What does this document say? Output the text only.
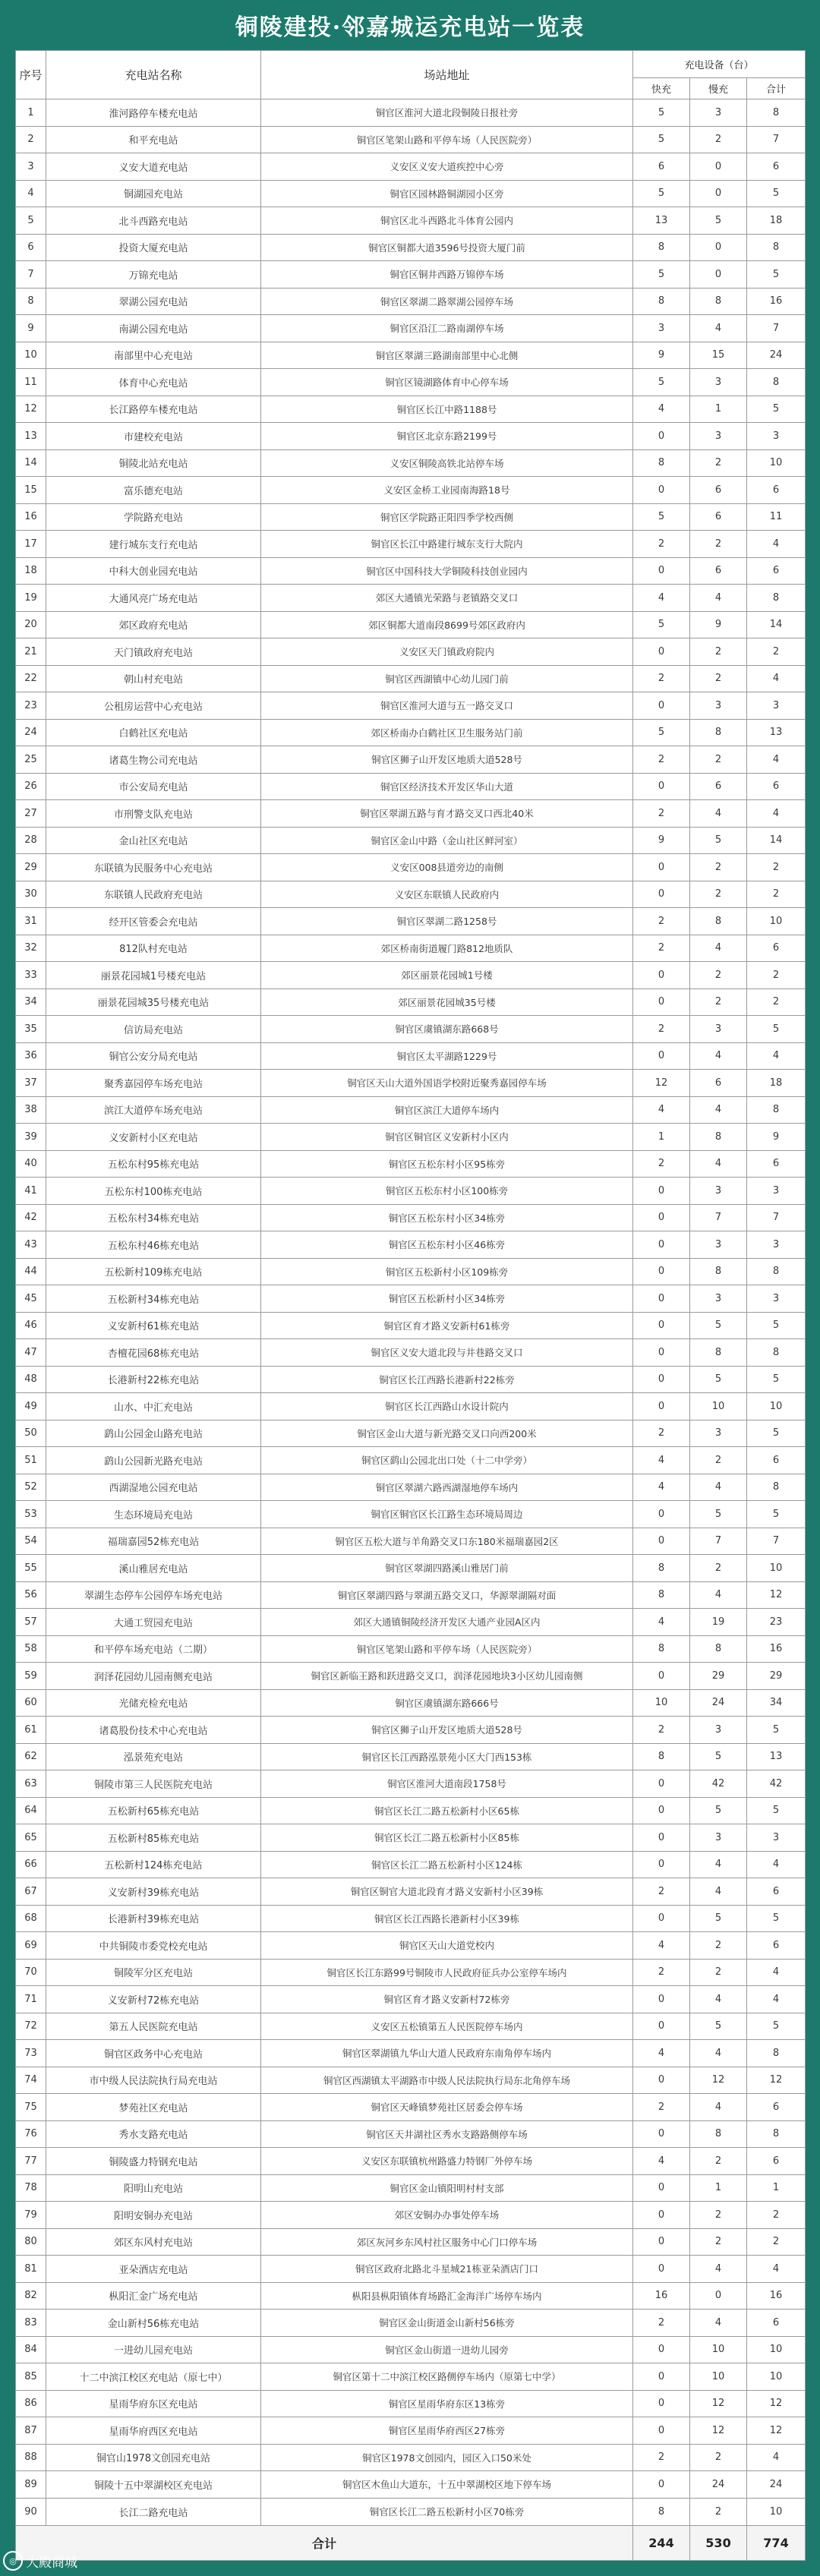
铜陵建投·邻嘉城运充电站一览表
序号	充电站名称	场站地址	充电设备（台）		
			快充	慢充	合计
1	淮河路停车楼充电站	铜官区淮河大道北段铜陵日报社旁	5	3	8
2	和平充电站	铜官区笔架山路和平停车场（人民医院旁）	5	2	7
3	义安大道充电站	义安区义安大道疾控中心旁	6	0	6
4	铜湖园充电站	铜官区园林路铜湖园小区旁	5	0	5
5	北斗西路充电站	铜官区北斗西路北斗体育公园内	13	5	18
6	投资大厦充电站	铜官区铜都大道3596号投资大厦门前	8	0	8
7	万锦充电站	铜官区铜井西路万锦停车场	5	0	5
8	翠湖公园充电站	铜官区翠湖二路翠湖公园停车场	8	8	16
9	南湖公园充电站	铜官区沿江二路南湖停车场	3	4	7
10	南部里中心充电站	铜官区翠湖三路湖南部里中心北侧	9	15	24
11	体育中心充电站	铜官区镜湖路体育中心停车场	5	3	8
12	长江路停车楼充电站	铜官区长江中路1188号	4	1	5
13	市建校充电站	铜官区北京东路2199号	0	3	3
14	铜陵北站充电站	义安区铜陵高铁北站停车场	8	2	10
15	富乐德充电站	义安区金桥工业园南海路18号	0	6	6
16	学院路充电站	铜官区学院路正阳四季学校西侧	5	6	11
17	建行城东支行充电站	铜官区长江中路建行城东支行大院内	2	2	4
18	中科大创业园充电站	铜官区中国科技大学铜陵科技创业园内	0	6	6
19	大通风亮广场充电站	郊区大通镇光荣路与老镇路交叉口	4	4	8
20	郊区政府充电站	郊区铜都大道南段8699号郊区政府内	5	9	14
21	天门镇政府充电站	义安区天门镇政府院内	0	2	2
22	朝山村充电站	铜官区西湖镇中心幼儿园门前	2	2	4
23	公租房运营中心充电站	铜官区淮河大道与五一路交叉口	0	3	3
24	白鹤社区充电站	郊区桥南办白鹤社区卫生服务站门前	5	8	13
25	诸葛生物公司充电站	铜官区狮子山开发区地质大道528号	2	2	4
26	市公安局充电站	铜官区经济技术开发区华山大道	0	6	6
27	市刑警支队充电站	铜官区翠湖五路与育才路交叉口西北40米	2	4	4
28	金山社区充电站	铜官区金山中路（金山社区鲜河室）	9	5	14
29	东联镇为民服务中心充电站	义安区008县道旁边的南侧	0	2	2
30	东联镇人民政府充电站	义安区东联镇人民政府内	0	2	2
31	经开区管委会充电站	铜官区翠湖二路1258号	2	8	10
32	812队村充电站	郊区桥南街道履门路812地质队	2	4	6
33	丽景花园城1号楼充电站	郊区丽景花园城1号楼	0	2	2
34	丽景花园城35号楼充电站	郊区丽景花园城35号楼	0	2	2
35	信访局充电站	铜官区虞镇湖东路668号	2	3	5
36	铜官公安分局充电站	铜官区太平湖路1229号	0	4	4
37	聚秀嘉园停车场充电站	铜官区天山大道外国语学校附近聚秀嘉园停车场	12	6	18
38	滨江大道停车场充电站	铜官区滨江大道停车场内	4	4	8
39	义安新村小区充电站	铜官区铜官区义安新村小区内	1	8	9
40	五松东村95栋充电站	铜官区五松东村小区95栋旁	2	4	6
41	五松东村100栋充电站	铜官区五松东村小区100栋旁	0	3	3
42	五松东村34栋充电站	铜官区五松东村小区34栋旁	0	7	7
43	五松东村46栋充电站	铜官区五松东村小区46栋旁	0	3	3
44	五松新村109栋充电站	铜官区五松新村小区109栋旁	0	8	8
45	五松新村34栋充电站	铜官区五松新村小区34栋旁	0	3	3
46	义安新村61栋充电站	铜官区育才路义安新村61栋旁	0	5	5
47	杏檀花园68栋充电站	铜官区义安大道北段与井巷路交叉口	0	8	8
48	长港新村22栋充电站	铜官区长江西路长港新村22栋旁	0	5	5
49	山水、中汇充电站	铜官区长江西路山水设计院内	0	10	10
50	鹞山公园金山路充电站	铜官区金山大道与新光路交叉口向西200米	2	3	5
51	鹞山公园新光路充电站	铜官区鹞山公园北出口处（十二中学旁）	4	2	6
52	西湖湿地公园充电站	铜官区翠湖六路西湖湿地停车场内	4	4	8
53	生态环境局充电站	铜官区铜官区长江路生态环境局周边	0	5	5
54	福瑞嘉园52栋充电站	铜官区五松大道与羊角路交叉口东180米福瑞嘉园2区	0	7	7
55	溪山雅居充电站	铜官区翠湖四路溪山雅居门前	8	2	10
56	翠湖生态停车公园停车场充电站	铜官区翠湖四路与翠湖五路交叉口，华源翠湖隔对面	8	4	12
57	大通工贸园充电站	郊区大通镇铜陵经济开发区大通产业园A区内	4	19	23
58	和平停车场充电站（二期）	铜官区笔架山路和平停车场（人民医院旁）	8	8	16
59	润泽花园幼儿园南侧充电站	铜官区新临王路和跃进路交叉口，润泽花园地块3小区幼儿园南侧	0	29	29
60	光储充检充电站	铜官区虞镇湖东路666号	10	24	34
61	诸葛股份技术中心充电站	铜官区狮子山开发区地质大道528号	2	3	5
62	泓景苑充电站	铜官区长江西路泓景苑小区大门西153栋	8	5	13
63	铜陵市第三人民医院充电站	铜官区淮河大道南段1758号	0	42	42
64	五松新村65栋充电站	铜官区长江二路五松新村小区65栋	0	5	5
65	五松新村85栋充电站	铜官区长江二路五松新村小区85栋	0	3	3
66	五松新村124栋充电站	铜官区长江二路五松新村小区124栋	0	4	4
67	义安新村39栋充电站	铜官区铜官大道北段育才路义安新村小区39栋	2	4	6
68	长港新村39栋充电站	铜官区长江西路长港新村小区39栋	0	5	5
69	中共铜陵市委党校充电站	铜官区天山大道党校内	4	2	6
70	铜陵军分区充电站	铜官区长江东路99号铜陵市人民政府征兵办公室停车场内	2	2	4
71	义安新村72栋充电站	铜官区育才路义安新村72栋旁	0	4	4
72	第五人民医院充电站	义安区五松镇第五人民医院停车场内	0	5	5
73	铜官区政务中心充电站	铜官区翠湖镇九华山大道人民政府东南角停车场内	4	4	8
74	市中级人民法院执行局充电站	铜官区西湖镇太平湖路市中级人民法院执行局东北角停车场	0	12	12
75	梦苑社区充电站	铜官区天峰镇梦苑社区居委会停车场	2	4	6
76	秀水支路充电站	铜官区天井湖社区秀水支路路侧停车场	0	8	8
77	铜陵盛力特钢充电站	义安区东联镇杭州路盛力特钢厂外停车场	4	2	6
78	阳明山充电站	铜官区金山镇阳明村村支部	0	1	1
79	阳明安铜办充电站	郊区安铜办办事处停车场	0	2	2
80	郊区东风村充电站	郊区灰河乡东风村社区服务中心门口停车场	0	2	2
81	亚朵酒店充电站	铜官区政府北路北斗星城21栋亚朵酒店门口	0	4	4
82	枞阳汇金广场充电站	枞阳县枞阳镇体育场路汇金海洋广场停车场内	16	0	16
83	金山新村56栋充电站	铜官区金山街道金山新村56栋旁	2	4	6
84	一进幼儿园充电站	铜官区金山街道一进幼儿园旁	0	10	10
85	十二中滨江校区充电站（原七中）	铜官区第十二中滨江校区路侧停车场内（原第七中学）	0	10	10
86	星雨华府东区充电站	铜官区星雨华府东区13栋旁	0	12	12
87	星雨华府西区充电站	铜官区星雨华府西区27栋旁	0	12	12
88	铜官山1978文创园充电站	铜官区1978文创园内，园区入口50米处	2	2	4
89	铜陵十五中翠湖校区充电站	铜官区木鱼山大道东，十五中翠湖校区地下停车场	0	24	24
90	长江二路充电站	铜官区长江二路五松新村小区70栋旁	8	2	10
合计			244	530	774
◎ 大殿商城
